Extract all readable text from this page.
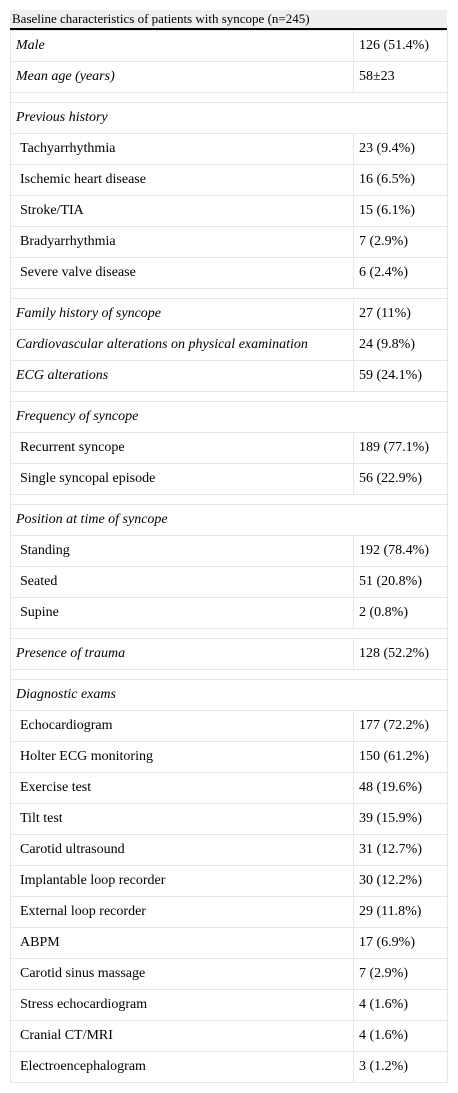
Baseline characteristics of patients with syncope (n=245)
Male	126 (51.4%)
Mean age (years)	58±23

Previous history	
Tachyarrhythmia	23 (9.4%)
Ischemic heart disease	16 (6.5%)
Stroke/TIA	15 (6.1%)
Bradyarrhythmia	7 (2.9%)
Severe valve disease	6 (2.4%)

Family history of syncope	27 (11%)
Cardiovascular alterations on physical examination	24 (9.8%)
ECG alterations	59 (24.1%)

Frequency of syncope	
Recurrent syncope	189 (77.1%)
Single syncopal episode	56 (22.9%)

Position at time of syncope	
Standing	192 (78.4%)
Seated	51 (20.8%)
Supine	2 (0.8%)

Presence of trauma	128 (52.2%)

Diagnostic exams	
Echocardiogram	177 (72.2%)
Holter ECG monitoring	150 (61.2%)
Exercise test	48 (19.6%)
Tilt test	39 (15.9%)
Carotid ultrasound	31 (12.7%)
Implantable loop recorder	30 (12.2%)
External loop recorder	29 (11.8%)
ABPM	17 (6.9%)
Carotid sinus massage	7 (2.9%)
Stress echocardiogram	4 (1.6%)
Cranial CT/MRI	4 (1.6%)
Electroencephalogram	3 (1.2%)
